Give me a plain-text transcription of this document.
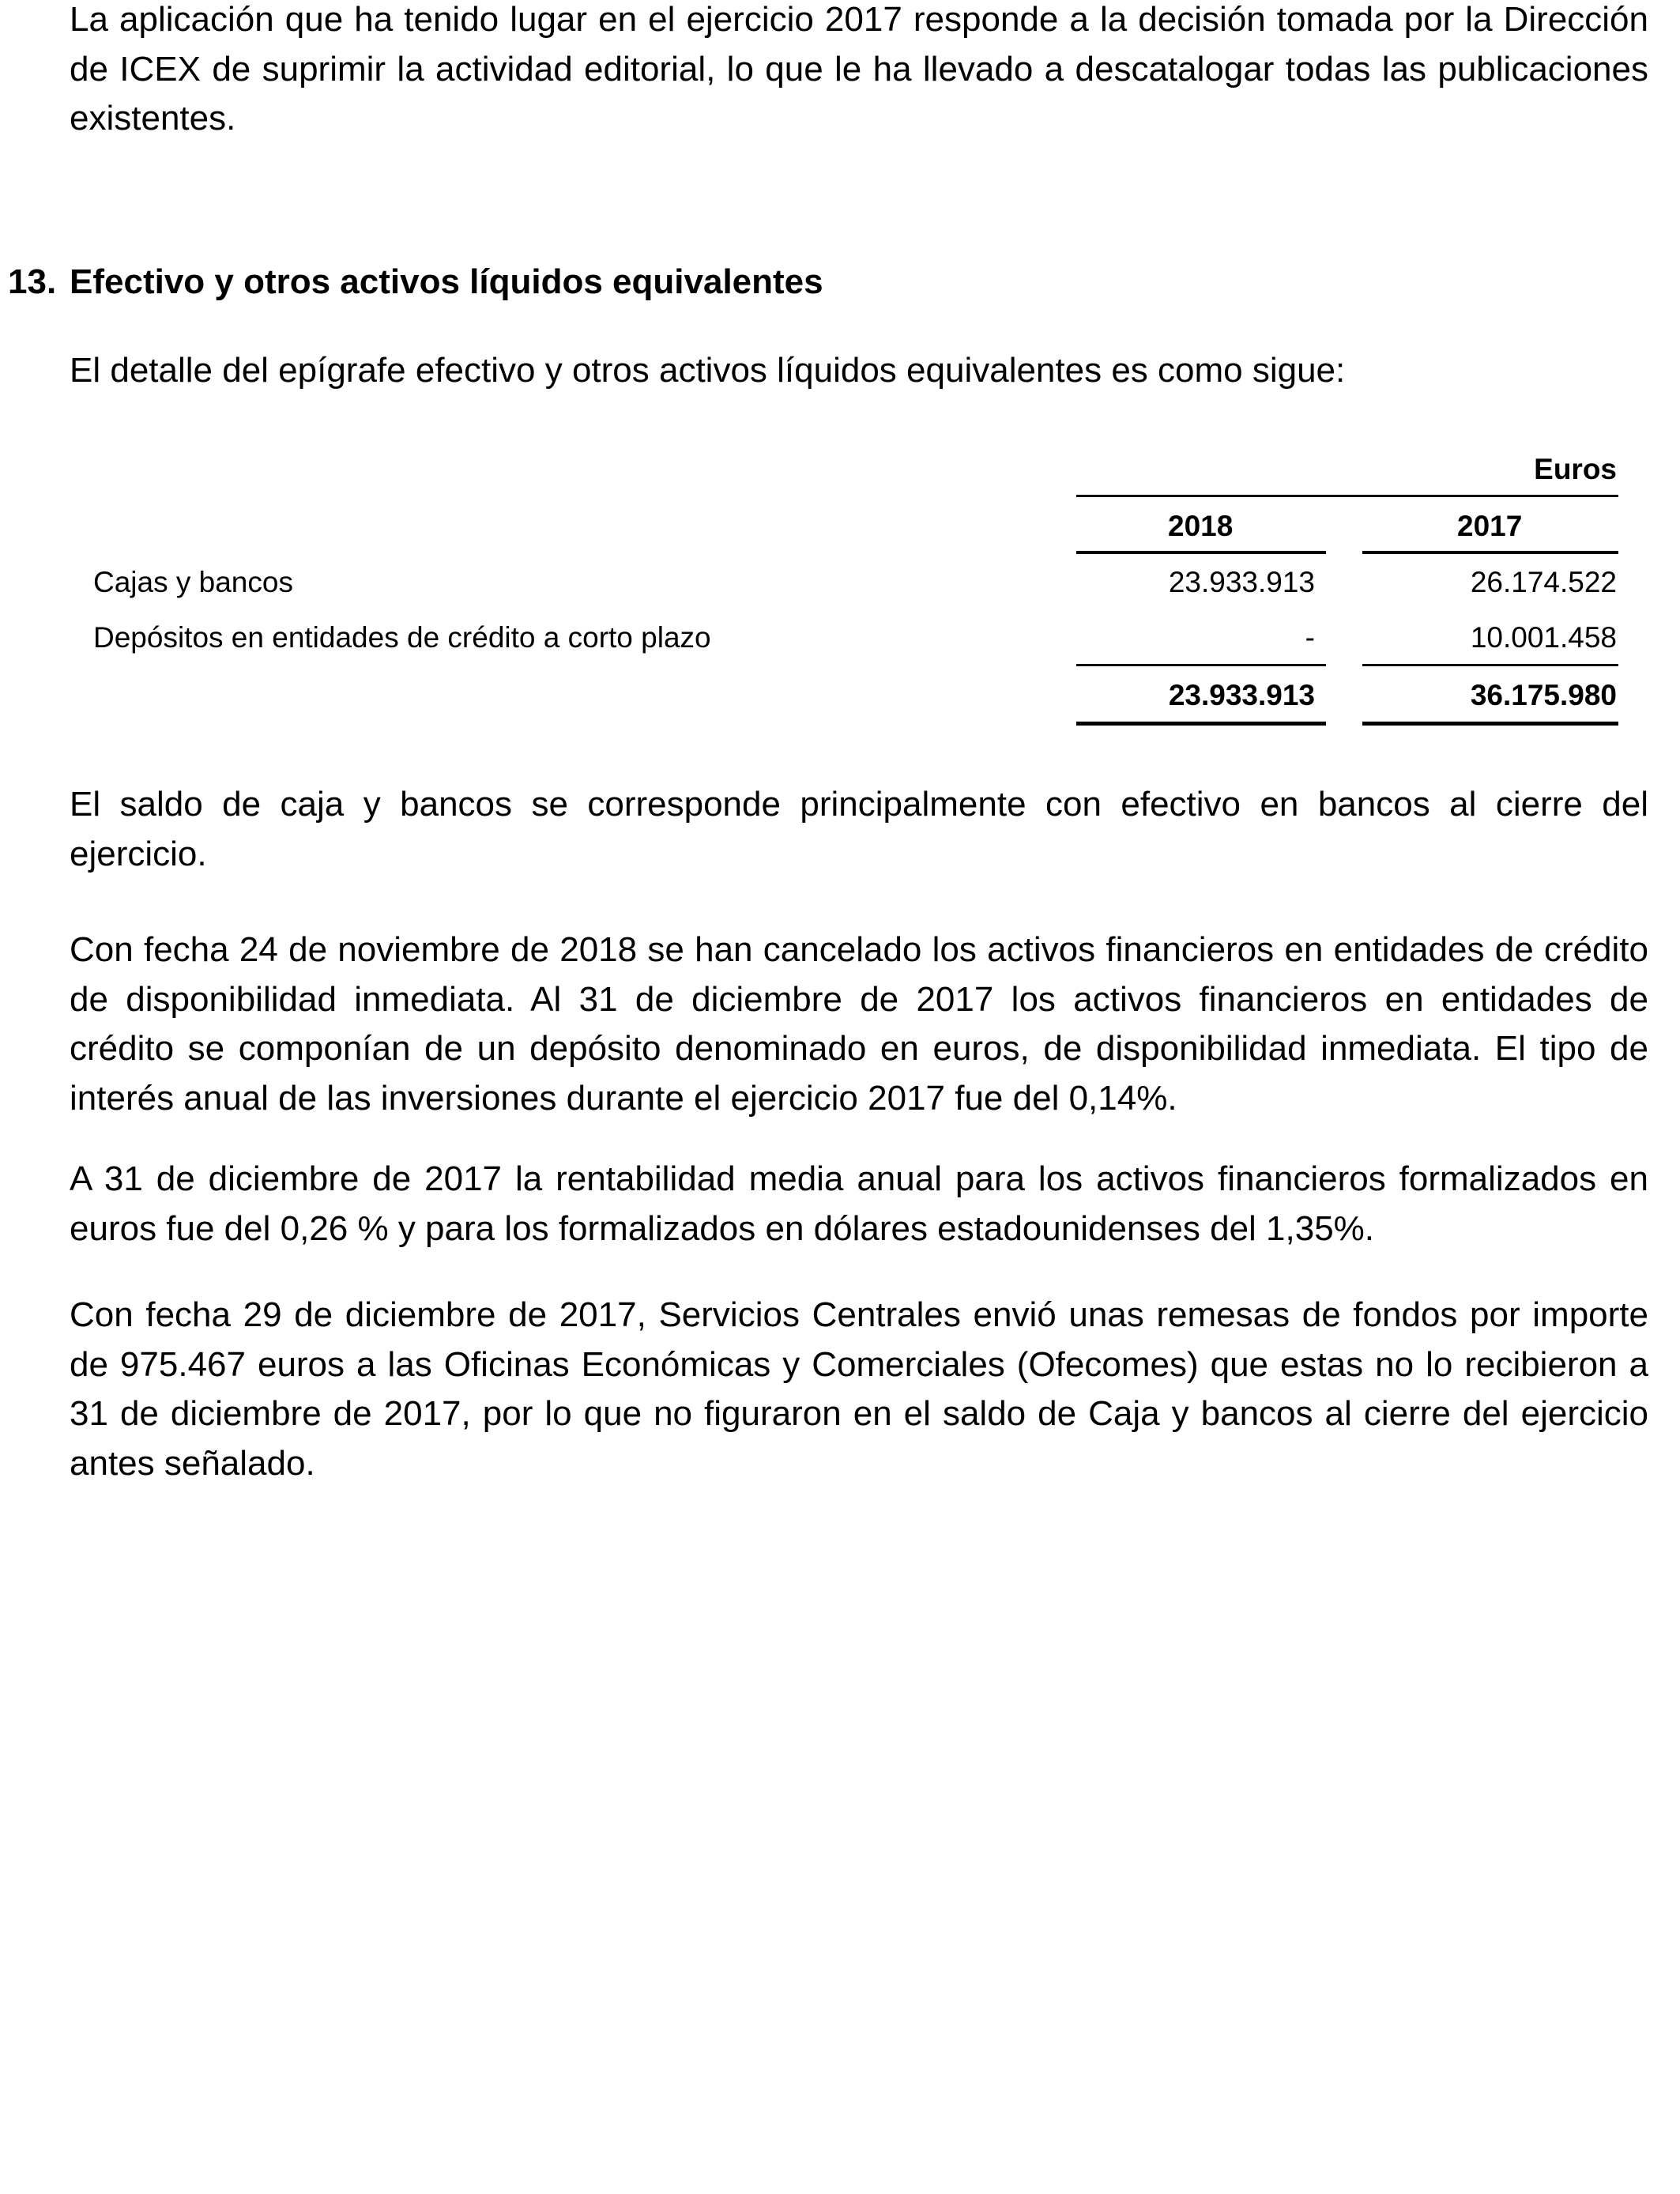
La aplicación que ha tenido lugar en el ejercicio 2017 responde a la decisión tomada por la Dirección de ICEX de suprimir la actividad editorial, lo que le ha llevado a descatalogar todas las publicaciones existentes.

13. Efectivo y otros activos líquidos equivalentes

El detalle del epígrafe efectivo y otros activos líquidos equivalentes es como sigue:

Euros
2018	2017
Cajas y bancos	23.933.913	26.174.522
Depósitos en entidades de crédito a corto plazo	-	10.001.458
23.933.913	36.175.980

El saldo de caja y bancos se corresponde principalmente con efectivo en bancos al cierre del ejercicio.

Con fecha 24 de noviembre de 2018 se han cancelado los activos financieros en entidades de crédito de disponibilidad inmediata. Al 31 de diciembre de 2017 los activos financieros en entidades de crédito se componían de un depósito denominado en euros, de disponibilidad inmediata. El tipo de interés anual de las inversiones durante el ejercicio 2017 fue del 0,14%.

A 31 de diciembre de 2017 la rentabilidad media anual para los activos financieros formalizados en euros fue del 0,26 % y para los formalizados en dólares estadounidenses del 1,35%.

Con fecha 29 de diciembre de 2017, Servicios Centrales envió unas remesas de fondos por importe de 975.467 euros a las Oficinas Económicas y Comerciales (Ofecomes) que estas no lo recibieron a 31 de diciembre de 2017, por lo que no figuraron en el saldo de Caja y bancos al cierre del ejercicio antes señalado.
